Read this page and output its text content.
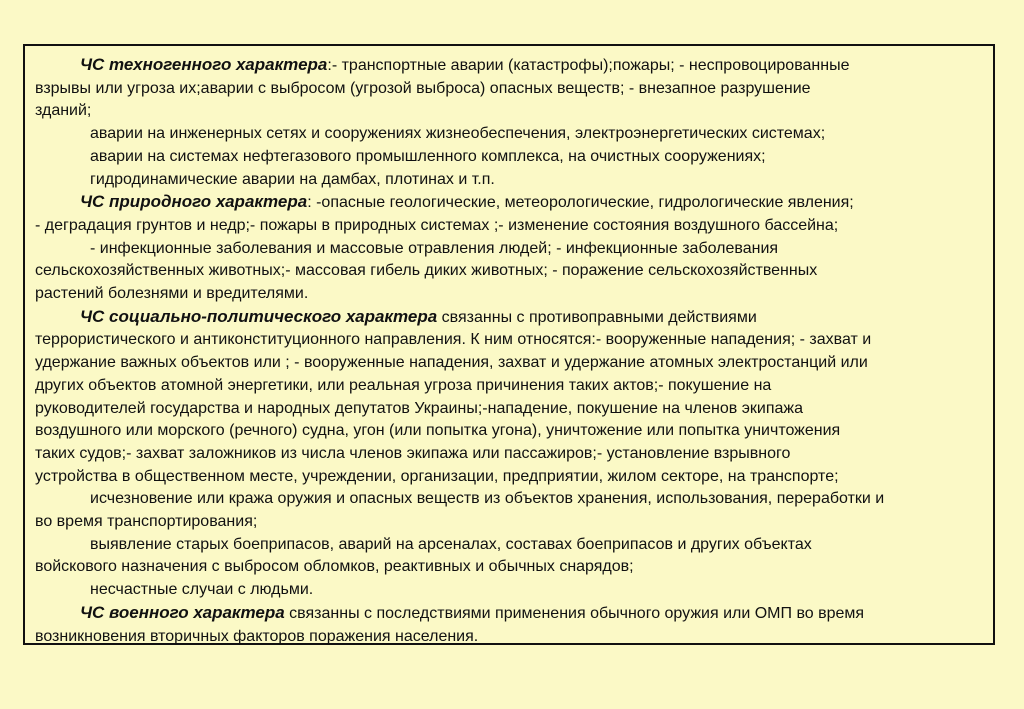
ЧС техногенного характера:- транспортные аварии (катастрофы);пожары; - неспровоцированные

взрывы или угроза их;аварии с выбросом (угрозой выброса) опасных веществ; - внезапное разрушение

зданий;

аварии на инженерных сетях и сооружениях жизнеобеспечения, электроэнергетических системах;

аварии на системах нефтегазового промышленного комплекса, на очистных сооружениях;

гидродинамические аварии на дамбах, плотинах и т.п.

ЧС природного характера: -опасные геологические, метеорологические, гидрологические явления;

- деградация грунтов и недр;- пожары в природных системах ;- изменение состояния воздушного бассейна;

- инфекционные заболевания и массовые отравления людей; - инфекционные заболевания

сельскохозяйственных животных;- массовая гибель диких животных; - поражение сельскохозяйственных

растений болезнями и вредителями.

ЧС социально-политического характера связанны с противоправными действиями

террористического и антиконституционного направления. К ним относятся:- вооруженные нападения; - захват и

удержание важных объектов или ; - вооруженные нападения, захват и удержание атомных электростанций или

других объектов атомной энергетики, или реальная угроза причинения таких актов;- покушение на

руководителей государства и народных депутатов Украины;-нападение, покушение на членов экипажа

воздушного или морского (речного) судна, угон (или попытка угона), уничтожение или попытка уничтожения

таких судов;- захват заложников из числа членов экипажа или пассажиров;- установление взрывного

устройства в общественном месте, учреждении, организации, предприятии, жилом секторе, на транспорте;

исчезновение или кража оружия и опасных веществ из объектов хранения, использования, переработки и

во время транспортирования;

выявление старых боеприпасов, аварий на арсеналах, составах боеприпасов и других объектах

войскового назначения с выбросом обломков, реактивных и обычных снарядов;

несчастные случаи с людьми.

ЧС военного характера связанны с последствиями применения обычного оружия или ОМП во время

возникновения вторичных факторов поражения населения.
